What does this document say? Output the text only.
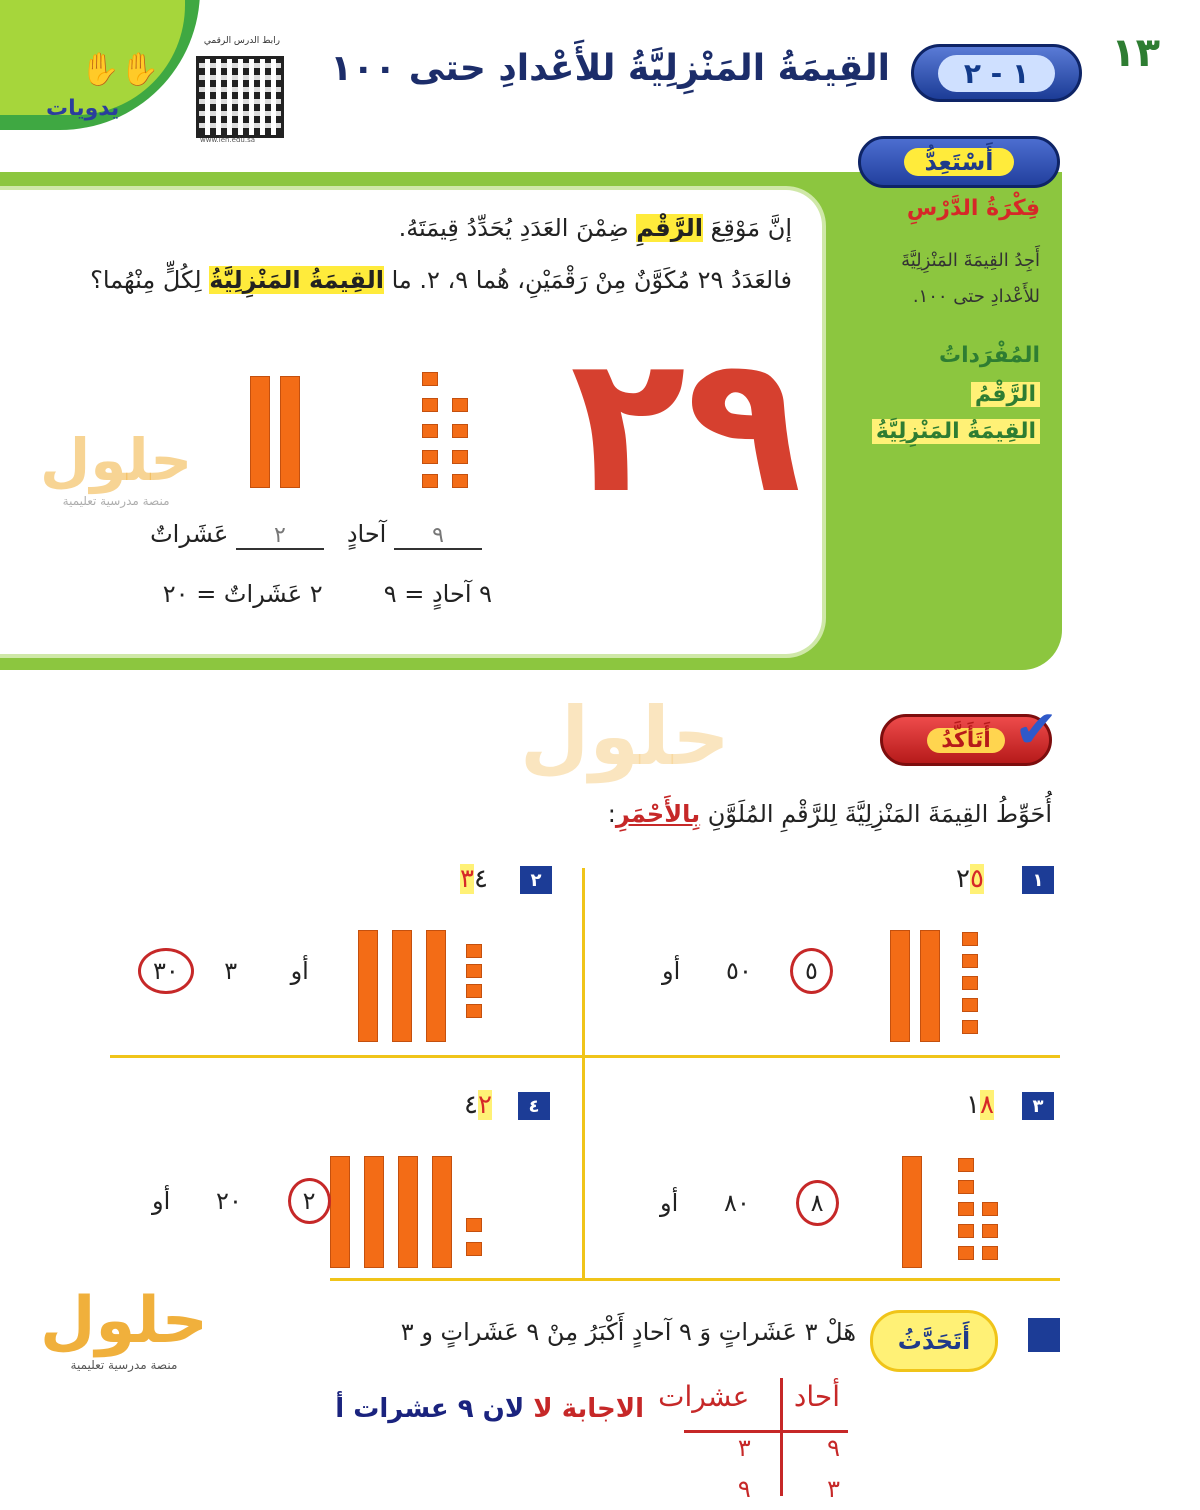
✋✋
يدويات
١٣
١ - ٢
القِيمَةُ المَنْزِلِيَّةُ للأَعْدادِ حتى ١٠٠
رابط الدرس الرقمي
www.ien.edu.sa
أَسْتَعِدُّ
فِكْرَةُ الدَّرْسِ
أَجِدُ القِيمَةَ المَنْزِلِيَّةَ للأَعْدادِ حتى ١٠٠.
المُفْرَداتُ
الرَّقْمُ
القِيمَةُ المَنْزِلِيَّةُ
إنَّ مَوْقِعَ الرَّقْمِ ضِمْنَ العَدَدِ يُحَدِّدُ قِيمَتَهُ.
فالعَدَدُ ٢٩ مُكَوَّنٌ مِنْ رَقْمَيْنِ، هُما ٩، ٢. ما القِيمَةُ المَنْزِلِيَّةُ لِكُلٍّ مِنْهُما؟
٢٩
٩ آحادٍ   ٢ عَشَراتٌ
٩ آحادٍ = ٩        ٢ عَشَراتٌ = ٢٠
أَتَأَكَّدُ ✔
أُحَوِّطُ القِيمَةَ المَنْزِلِيَّةَ لِلرَّقْمِ المُلَوَّنِ بِالأَحْمَرِ:
١
٢٥
٥٠      أو	٥
٢
٣٤
٣٠	أو       ٣
٣
١٨
٨٠      أو	٨
٤
٤٢
٢٠      أو	٢
أَتَحَدَّثُ
هَلْ ٣ عَشَراتٍ وَ ٩ آحادٍ أَكْبَرُ مِنْ ٩ عَشَراتٍ و ٣
أحاد     عشرات
٩          ٣
٣          ٩
الاجابة لا لان ٩ عشرات أ
حلول
منصة مدرسية تعليمية
حلول
حلول
منصة مدرسية تعليمية
